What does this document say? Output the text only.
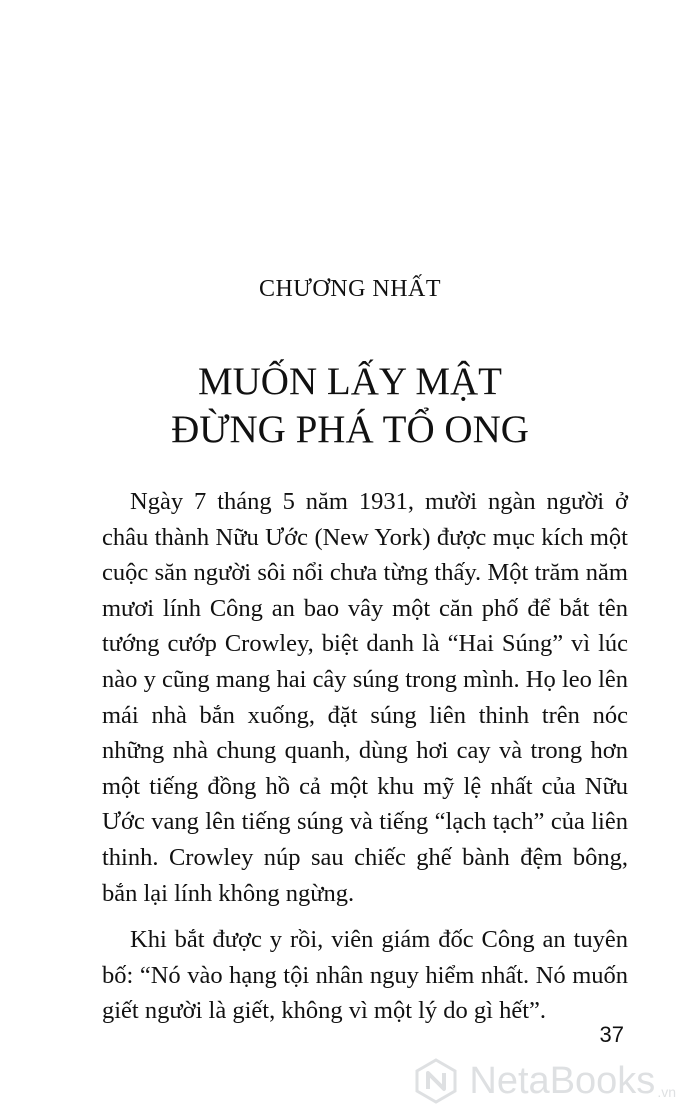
CHƯƠNG NHẤT
MUỐN LẤY MẬT
ĐỪNG PHÁ TỔ ONG

Ngày 7 tháng 5 năm 1931, mười ngàn người ở châu thành Nữu Ước (New York) được mục kích một cuộc săn người sôi nổi chưa từng thấy. Một trăm năm mươi lính Công an bao vây một căn phố để bắt tên tướng cướp Crowley, biệt danh là “Hai Súng” vì lúc nào y cũng mang hai cây súng trong mình. Họ leo lên mái nhà bắn xuống, đặt súng liên thinh trên nóc những nhà chung quanh, dùng hơi cay và trong hơn một tiếng đồng hồ cả một khu mỹ lệ nhất của Nữu Ước vang lên tiếng súng và tiếng “lạch tạch” của liên thinh. Crowley núp sau chiếc ghế bành đệm bông, bắn lại lính không ngừng.

Khi bắt được y rồi, viên giám đốc Công an tuyên bố: “Nó vào hạng tội nhân nguy hiểm nhất. Nó muốn giết người là giết, không vì một lý do gì hết”.

37
NetaBooks .vn
